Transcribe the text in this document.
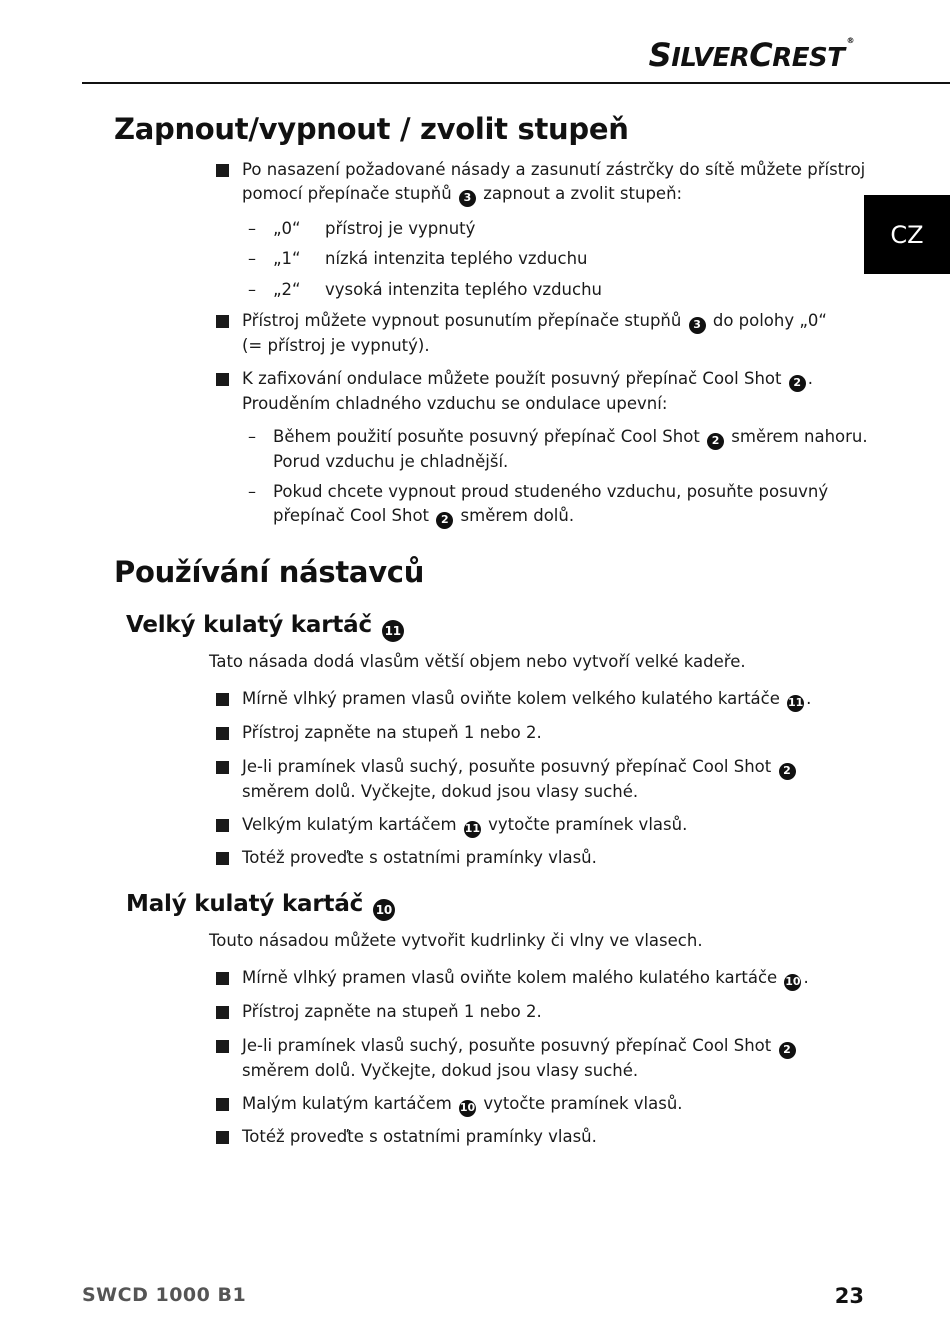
SILVERCREST®
CZ
Zapnout/vypnout / zvolit stupeň
Po nasazení požadované násady a zasunutí zástrčky do sítě můžete přístroj
pomocí přepínače stupňů 3 zapnout a zvolit stupeň:
– „0“ přístroj je vypnutý
– „1“ nízká intenzita teplého vzduchu
– „2“ vysoká intenzita teplého vzduchu
Přístroj můžete vypnout posunutím přepínače stupňů 3 do polohy „0“
(= přístroj je vypnutý).
K zafixování ondulace můžete použít posuvný přepínač Cool Shot 2 .
Prouděním chladného vzduchu se ondulace upevní:
– Během použití posuňte posuvný přepínač Cool Shot 2 směrem nahoru.
Porud vzduchu je chladnější.
– Pokud chcete vypnout proud studeného vzduchu, posuňte posuvný
přepínač Cool Shot 2 směrem dolů.
Používání nástavců
Velký kulatý kartáč 11
Tato násada dodá vlasům větší objem nebo vytvoří velké kadeře.
Mírně vlhký pramen vlasů oviňte kolem velkého kulatého kartáče 11 .
Přístroj zapněte na stupeň 1 nebo 2.
Je-li pramínek vlasů suchý, posuňte posuvný přepínač Cool Shot 2
směrem dolů. Vyčkejte, dokud jsou vlasy suché.
Velkým kulatým kartáčem 11 vytočte pramínek vlasů.
Totéž proveďte s ostatními pramínky vlasů.
Malý kulatý kartáč 10
Touto násadou můžete vytvořit kudrlinky či vlny ve vlasech.
Mírně vlhký pramen vlasů oviňte kolem malého kulatého kartáče 10 .
Přístroj zapněte na stupeň 1 nebo 2.
Je-li pramínek vlasů suchý, posuňte posuvný přepínač Cool Shot 2
směrem dolů. Vyčkejte, dokud jsou vlasy suché.
Malým kulatým kartáčem 10 vytočte pramínek vlasů.
Totéž proveďte s ostatními pramínky vlasů.
SWCD 1000 B1	23
